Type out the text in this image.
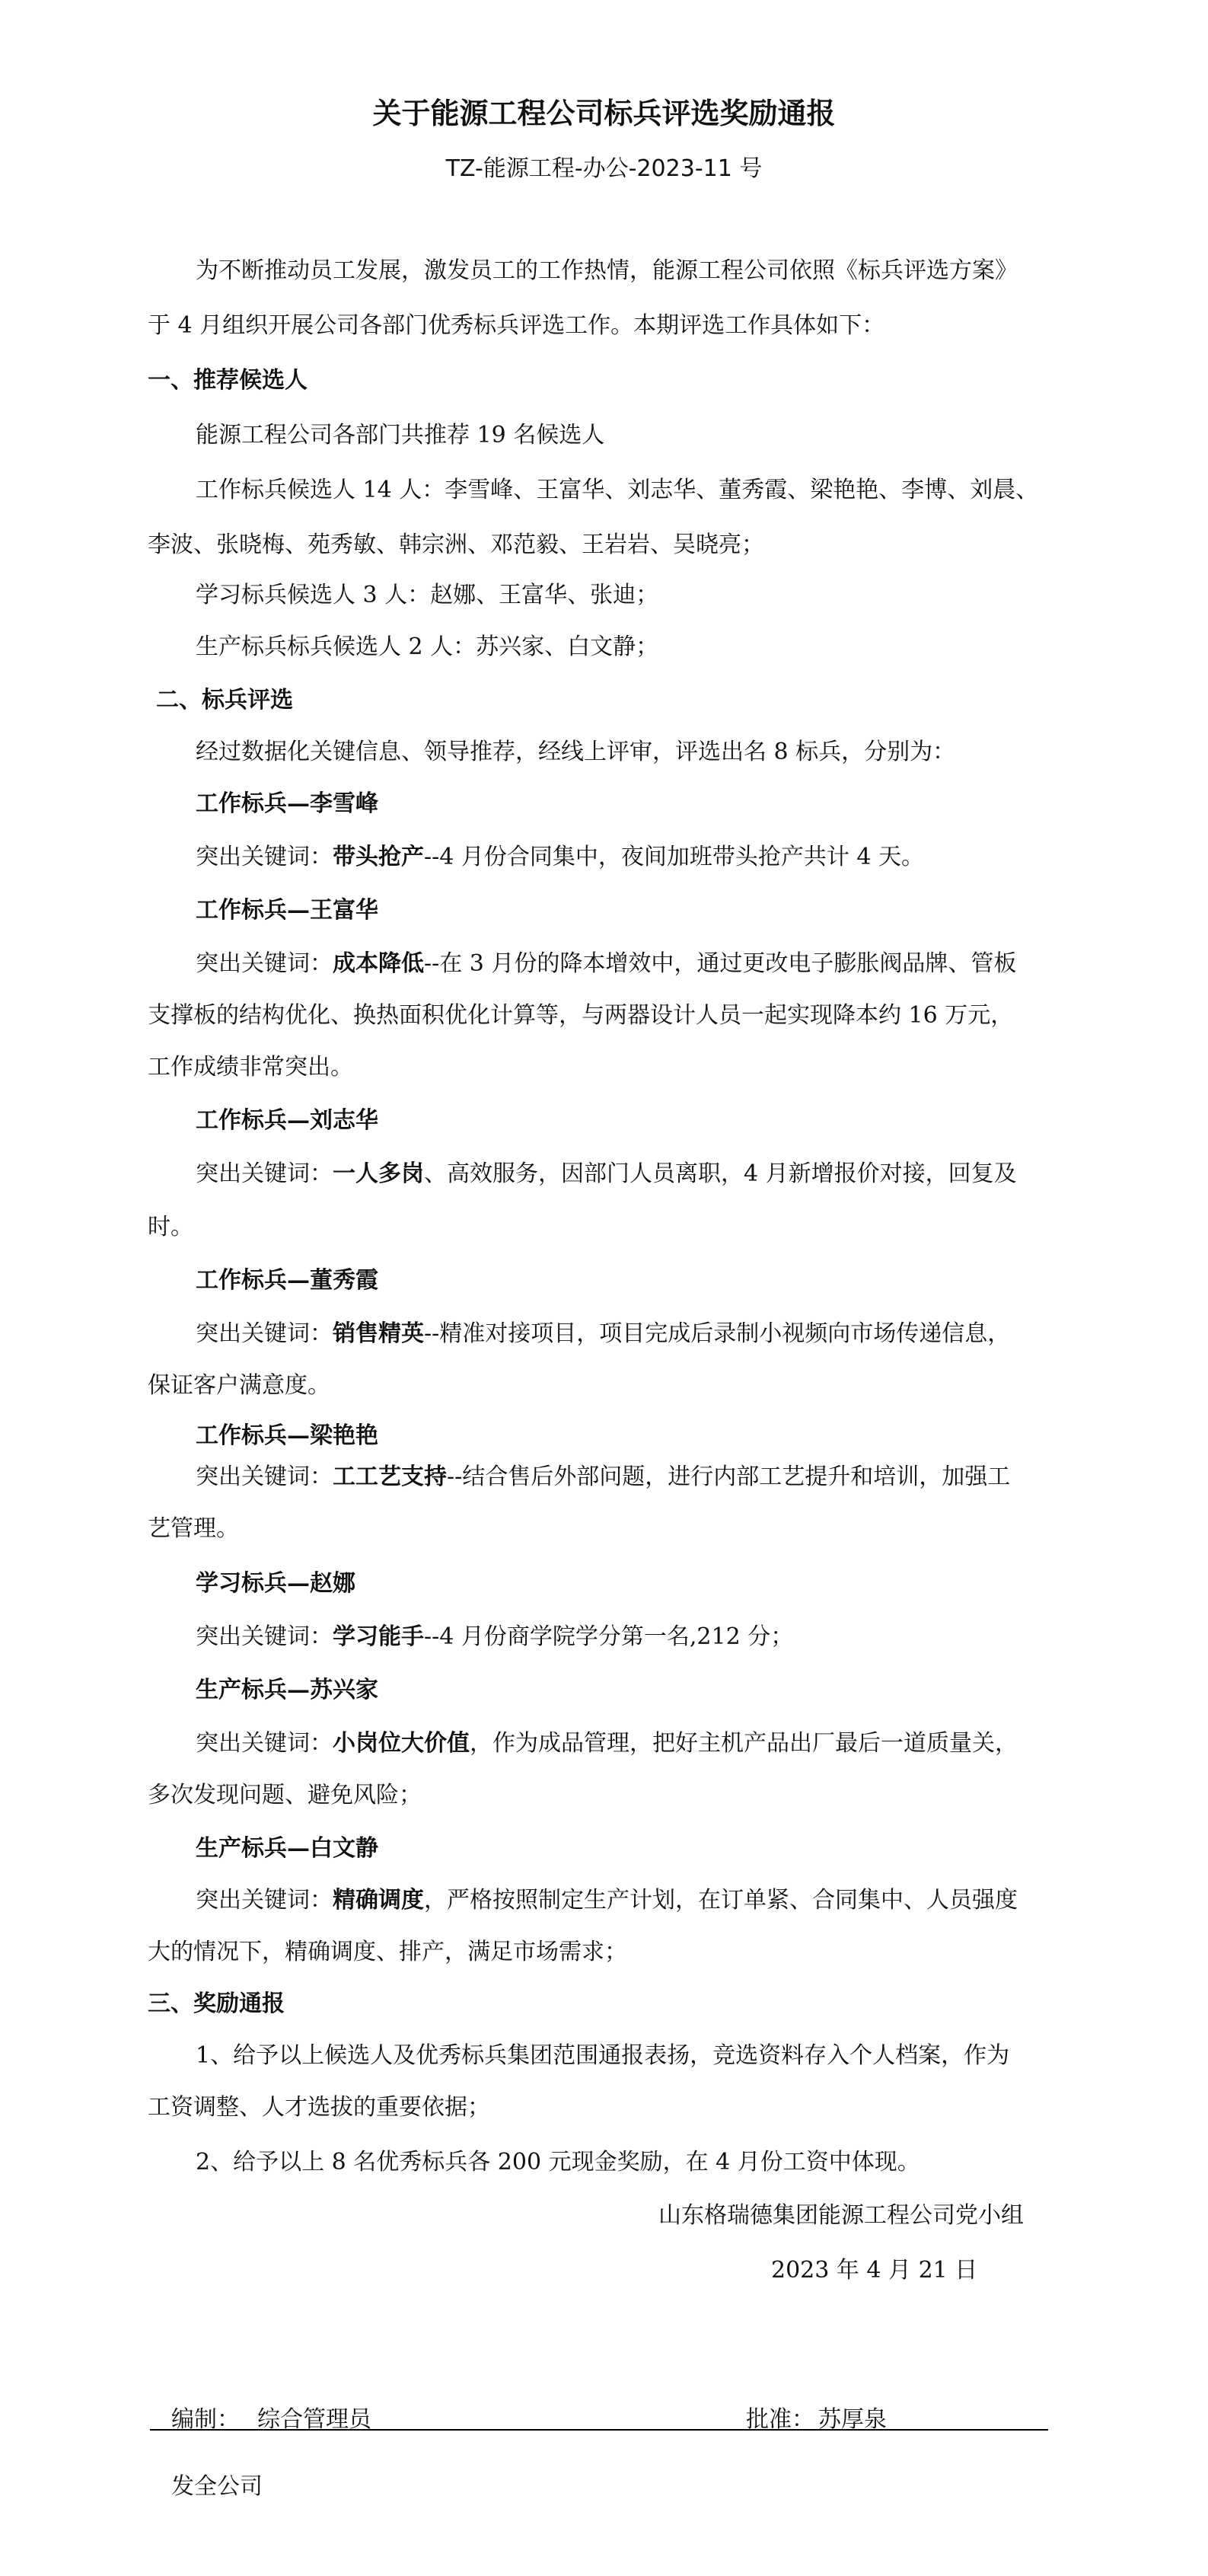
关于能源工程公司标兵评选奖励通报
TZ-能源工程-办公-2023-11 号
为不断推动员工发展，激发员工的工作热情，能源工程公司依照《标兵评选方案》
于 4 月组织开展公司各部门优秀标兵评选工作。本期评选工作具体如下：
一、推荐候选人
能源工程公司各部门共推荐 19 名候选人
工作标兵候选人 14 人：李雪峰、王富华、刘志华、董秀霞、梁艳艳、李博、刘晨、
李波、张晓梅、苑秀敏、韩宗洲、邓范毅、王岩岩、吴晓亮；
学习标兵候选人 3 人：赵娜、王富华、张迪；
生产标兵标兵候选人 2 人：苏兴家、白文静；
二、标兵评选
经过数据化关键信息、领导推荐，经线上评审，评选出名 8 标兵，分别为：
工作标兵—李雪峰
突出关键词：带头抢产--4 月份合同集中，夜间加班带头抢产共计 4 天。
工作标兵—王富华
突出关键词：成本降低--在 3 月份的降本增效中，通过更改电子膨胀阀品牌、管板
支撑板的结构优化、换热面积优化计算等，与两器设计人员一起实现降本约 16 万元，
工作成绩非常突出。
工作标兵—刘志华
突出关键词：一人多岗、高效服务，因部门人员离职，4 月新增报价对接，回复及
时。
工作标兵—董秀霞
突出关键词：销售精英--精准对接项目，项目完成后录制小视频向市场传递信息，
保证客户满意度。
工作标兵—梁艳艳
突出关键词：工工艺支持--结合售后外部问题，进行内部工艺提升和培训，加强工
艺管理。
学习标兵—赵娜
突出关键词：学习能手--4 月份商学院学分第一名,212 分；
生产标兵—苏兴家
突出关键词：小岗位大价值，作为成品管理，把好主机产品出厂最后一道质量关，
多次发现问题、避免风险；
生产标兵—白文静
突出关键词：精确调度，严格按照制定生产计划，在订单紧、合同集中、人员强度
大的情况下，精确调度、排产，满足市场需求；
三、奖励通报
1、给予以上候选人及优秀标兵集团范围通报表扬，竞选资料存入个人档案，作为
工资调整、人才选拔的重要依据；
2、给予以上 8 名优秀标兵各 200 元现金奖励，在 4 月份工资中体现。
山东格瑞德集团能源工程公司党小组
2023 年 4 月 21 日
编制： 综合管理员	批准： 苏厚泉
发全公司
